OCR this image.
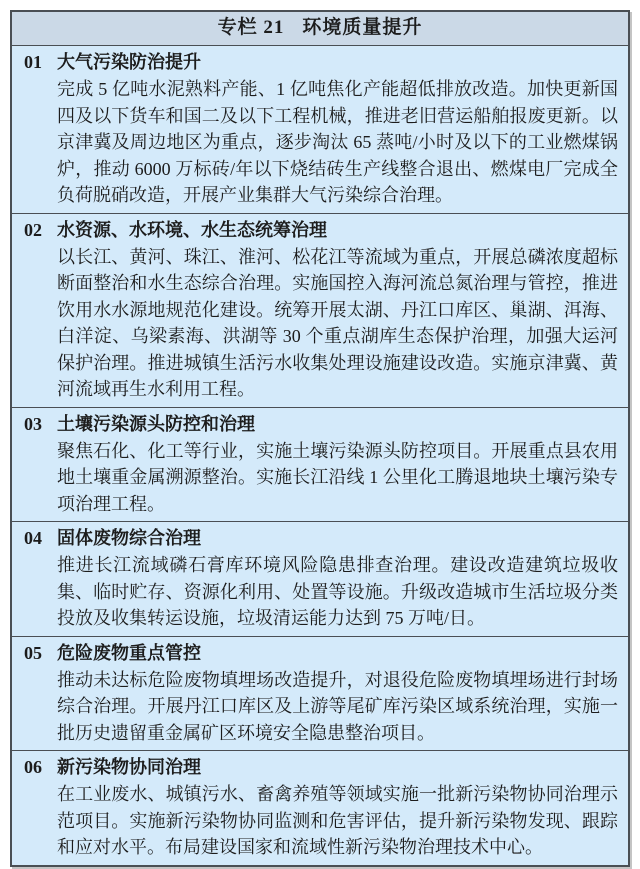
专栏 21 环境质量提升
01 大气污染防治提升

完成 5 亿吨水泥熟料产能、1 亿吨焦化产能超低排放改造。加快更新国四及以下货车和国二及以下工程机械，推进老旧营运船舶报废更新。以京津冀及周边地区为重点，逐步淘汰 65 蒸吨/小时及以下的工业燃煤锅炉，推动 6000 万标砖/年以下烧结砖生产线整合退出、燃煤电厂完成全负荷脱硝改造，开展产业集群大气污染综合治理。

02 水资源、水环境、水生态统筹治理

以长江、黄河、珠江、淮河、松花江等流域为重点，开展总磷浓度超标断面整治和水生态综合治理。实施国控入海河流总氮治理与管控，推进饮用水水源地规范化建设。统筹开展太湖、丹江口库区、巢湖、洱海、白洋淀、乌梁素海、洪湖等 30 个重点湖库生态保护治理，加强大运河保护治理。推进城镇生活污水收集处理设施建设改造。实施京津冀、黄河流域再生水利用工程。

03 土壤污染源头防控和治理

聚焦石化、化工等行业，实施土壤污染源头防控项目。开展重点县农用地土壤重金属溯源整治。实施长江沿线 1 公里化工腾退地块土壤污染专项治理工程。

04 固体废物综合治理

推进长江流域磷石膏库环境风险隐患排查治理。建设改造建筑垃圾收集、临时贮存、资源化利用、处置等设施。升级改造城市生活垃圾分类投放及收集转运设施，垃圾清运能力达到 75 万吨/日。

05 危险废物重点管控

推动未达标危险废物填埋场改造提升，对退役危险废物填埋场进行封场综合治理。开展丹江口库区及上游等尾矿库污染区域系统治理，实施一批历史遗留重金属矿区环境安全隐患整治项目。

06 新污染物协同治理

在工业废水、城镇污水、畜禽养殖等领域实施一批新污染物协同治理示范项目。实施新污染物协同监测和危害评估，提升新污染物发现、跟踪和应对水平。布局建设国家和流域性新污染物治理技术中心。
